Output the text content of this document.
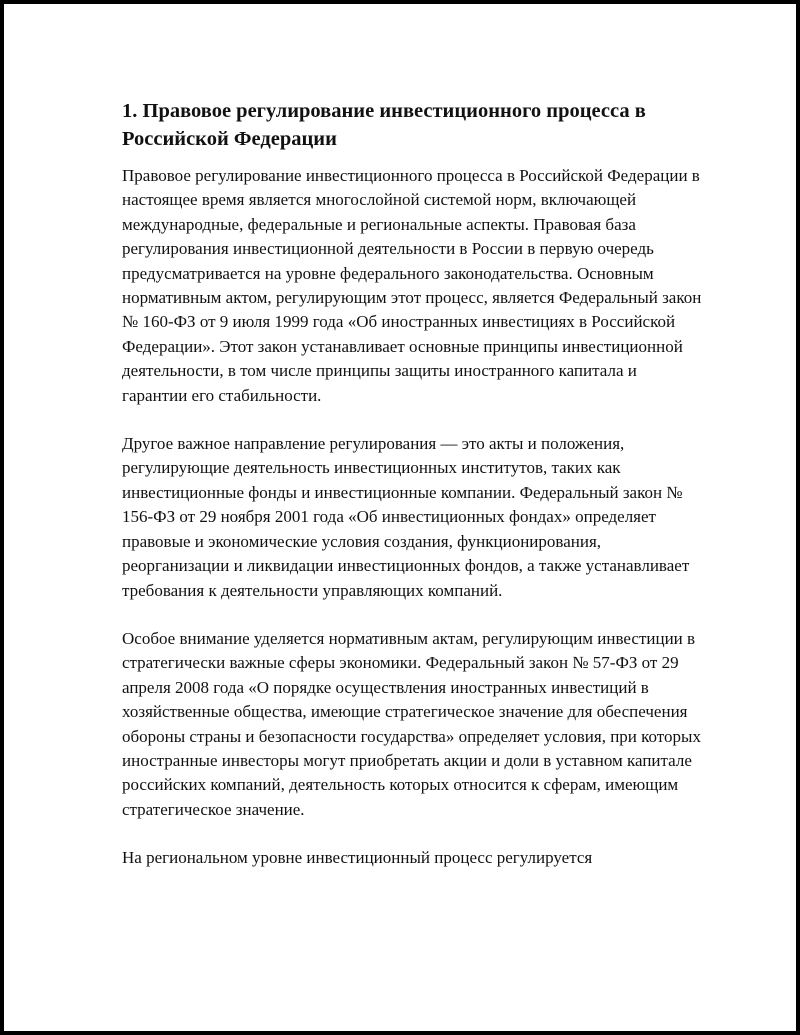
1. Правовое регулирование инвестиционного процесса в Российской Федерации

Правовое регулирование инвестиционного процесса в Российской Федерации в настоящее время является многослойной системой норм, включающей международные, федеральные и региональные аспекты. Правовая база регулирования инвестиционной деятельности в России в первую очередь предусматривается на уровне федерального законодательства. Основным нормативным актом, регулирующим этот процесс, является Федеральный закон № 160-ФЗ от 9 июля 1999 года «Об иностранных инвестициях в Российской Федерации». Этот закон устанавливает основные принципы инвестиционной деятельности, в том числе принципы защиты иностранного капитала и гарантии его стабильности.

Другое важное направление регулирования — это акты и положения, регулирующие деятельность инвестиционных институтов, таких как инвестиционные фонды и инвестиционные компании. Федеральный закон № 156-ФЗ от 29 ноября 2001 года «Об инвестиционных фондах» определяет правовые и экономические условия создания, функционирования, реорганизации и ликвидации инвестиционных фондов, а также устанавливает требования к деятельности управляющих компаний.

Особое внимание уделяется нормативным актам, регулирующим инвестиции в стратегически важные сферы экономики. Федеральный закон № 57-ФЗ от 29 апреля 2008 года «О порядке осуществления иностранных инвестиций в хозяйственные общества, имеющие стратегическое значение для обеспечения обороны страны и безопасности государства» определяет условия, при которых иностранные инвесторы могут приобретать акции и доли в уставном капитале российских компаний, деятельность которых относится к сферам, имеющим стратегическое значение.

На региональном уровне инвестиционный процесс регулируется
